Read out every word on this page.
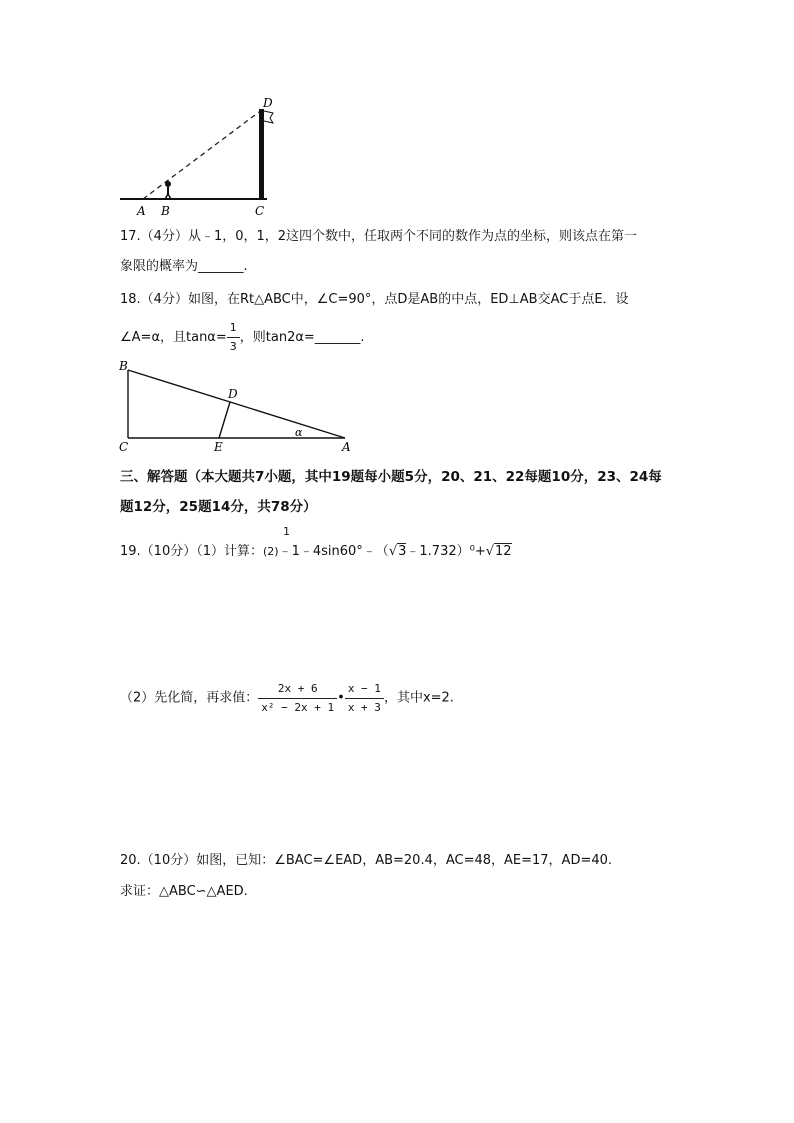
A B	C
D
17.（4分）从﹣1，0，1，2这四个数中，任取两个不同的数作为点的坐标，则该点在第一
象限的概率为_______.
18.（4分）如图，在Rt△ABC中，∠C=90°，点D是AB的中点，ED⊥AB交AC于点E．设
∠A=α，且$\tan\alpha= \frac{1}{3}$ ，则tan2α=_______.
B
C
D
E	A
α
三、解答题（本大题共7小题，其中19题每小题5分，20、21、22每题10分，23、24每
题12分，25题14分，共78分）
1
19.（10分）（1）计算：(2)﹣1﹣4sin60°﹣（√3﹣1.732）⁰+√12
（2）先化简，再求值： $\frac{2x + 6}{\text{x² − 2x + 1}}$ • $\frac{x - 1}{x + 3}$ ，其中x=2.
20.（10分）如图，已知：∠BAC=∠EAD，AB=20.4，AC=48，AE=17，AD=40.
求证：△ABC∽△AED.
